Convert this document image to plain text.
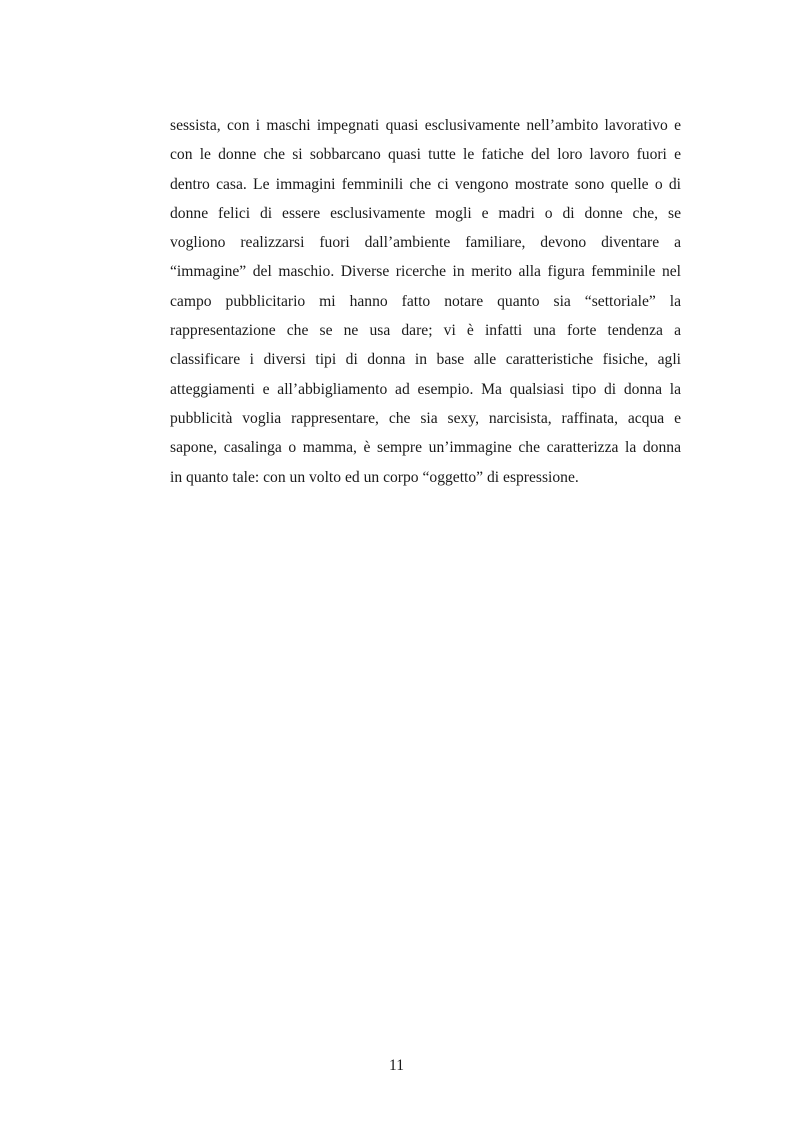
sessista, con i maschi impegnati quasi esclusivamente nell’ambito lavorativo e
con le donne che si sobbarcano quasi tutte le fatiche del loro lavoro fuori e
dentro casa. Le immagini femminili che ci vengono mostrate sono quelle o di
donne felici di essere esclusivamente mogli e madri o di donne che, se
vogliono realizzarsi fuori dall’ambiente familiare, devono diventare a
“immagine” del maschio. Diverse ricerche in merito alla figura femminile nel
campo pubblicitario mi hanno fatto notare quanto sia “settoriale” la
rappresentazione che se ne usa dare; vi è infatti una forte tendenza a
classificare i diversi tipi di donna in base alle caratteristiche fisiche, agli
atteggiamenti e all’abbigliamento ad esempio. Ma qualsiasi tipo di donna la
pubblicità voglia rappresentare, che sia sexy, narcisista, raffinata, acqua e
sapone, casalinga o mamma, è sempre un’immagine che caratterizza la donna
in quanto tale: con un volto ed un corpo “oggetto” di espressione.
11
